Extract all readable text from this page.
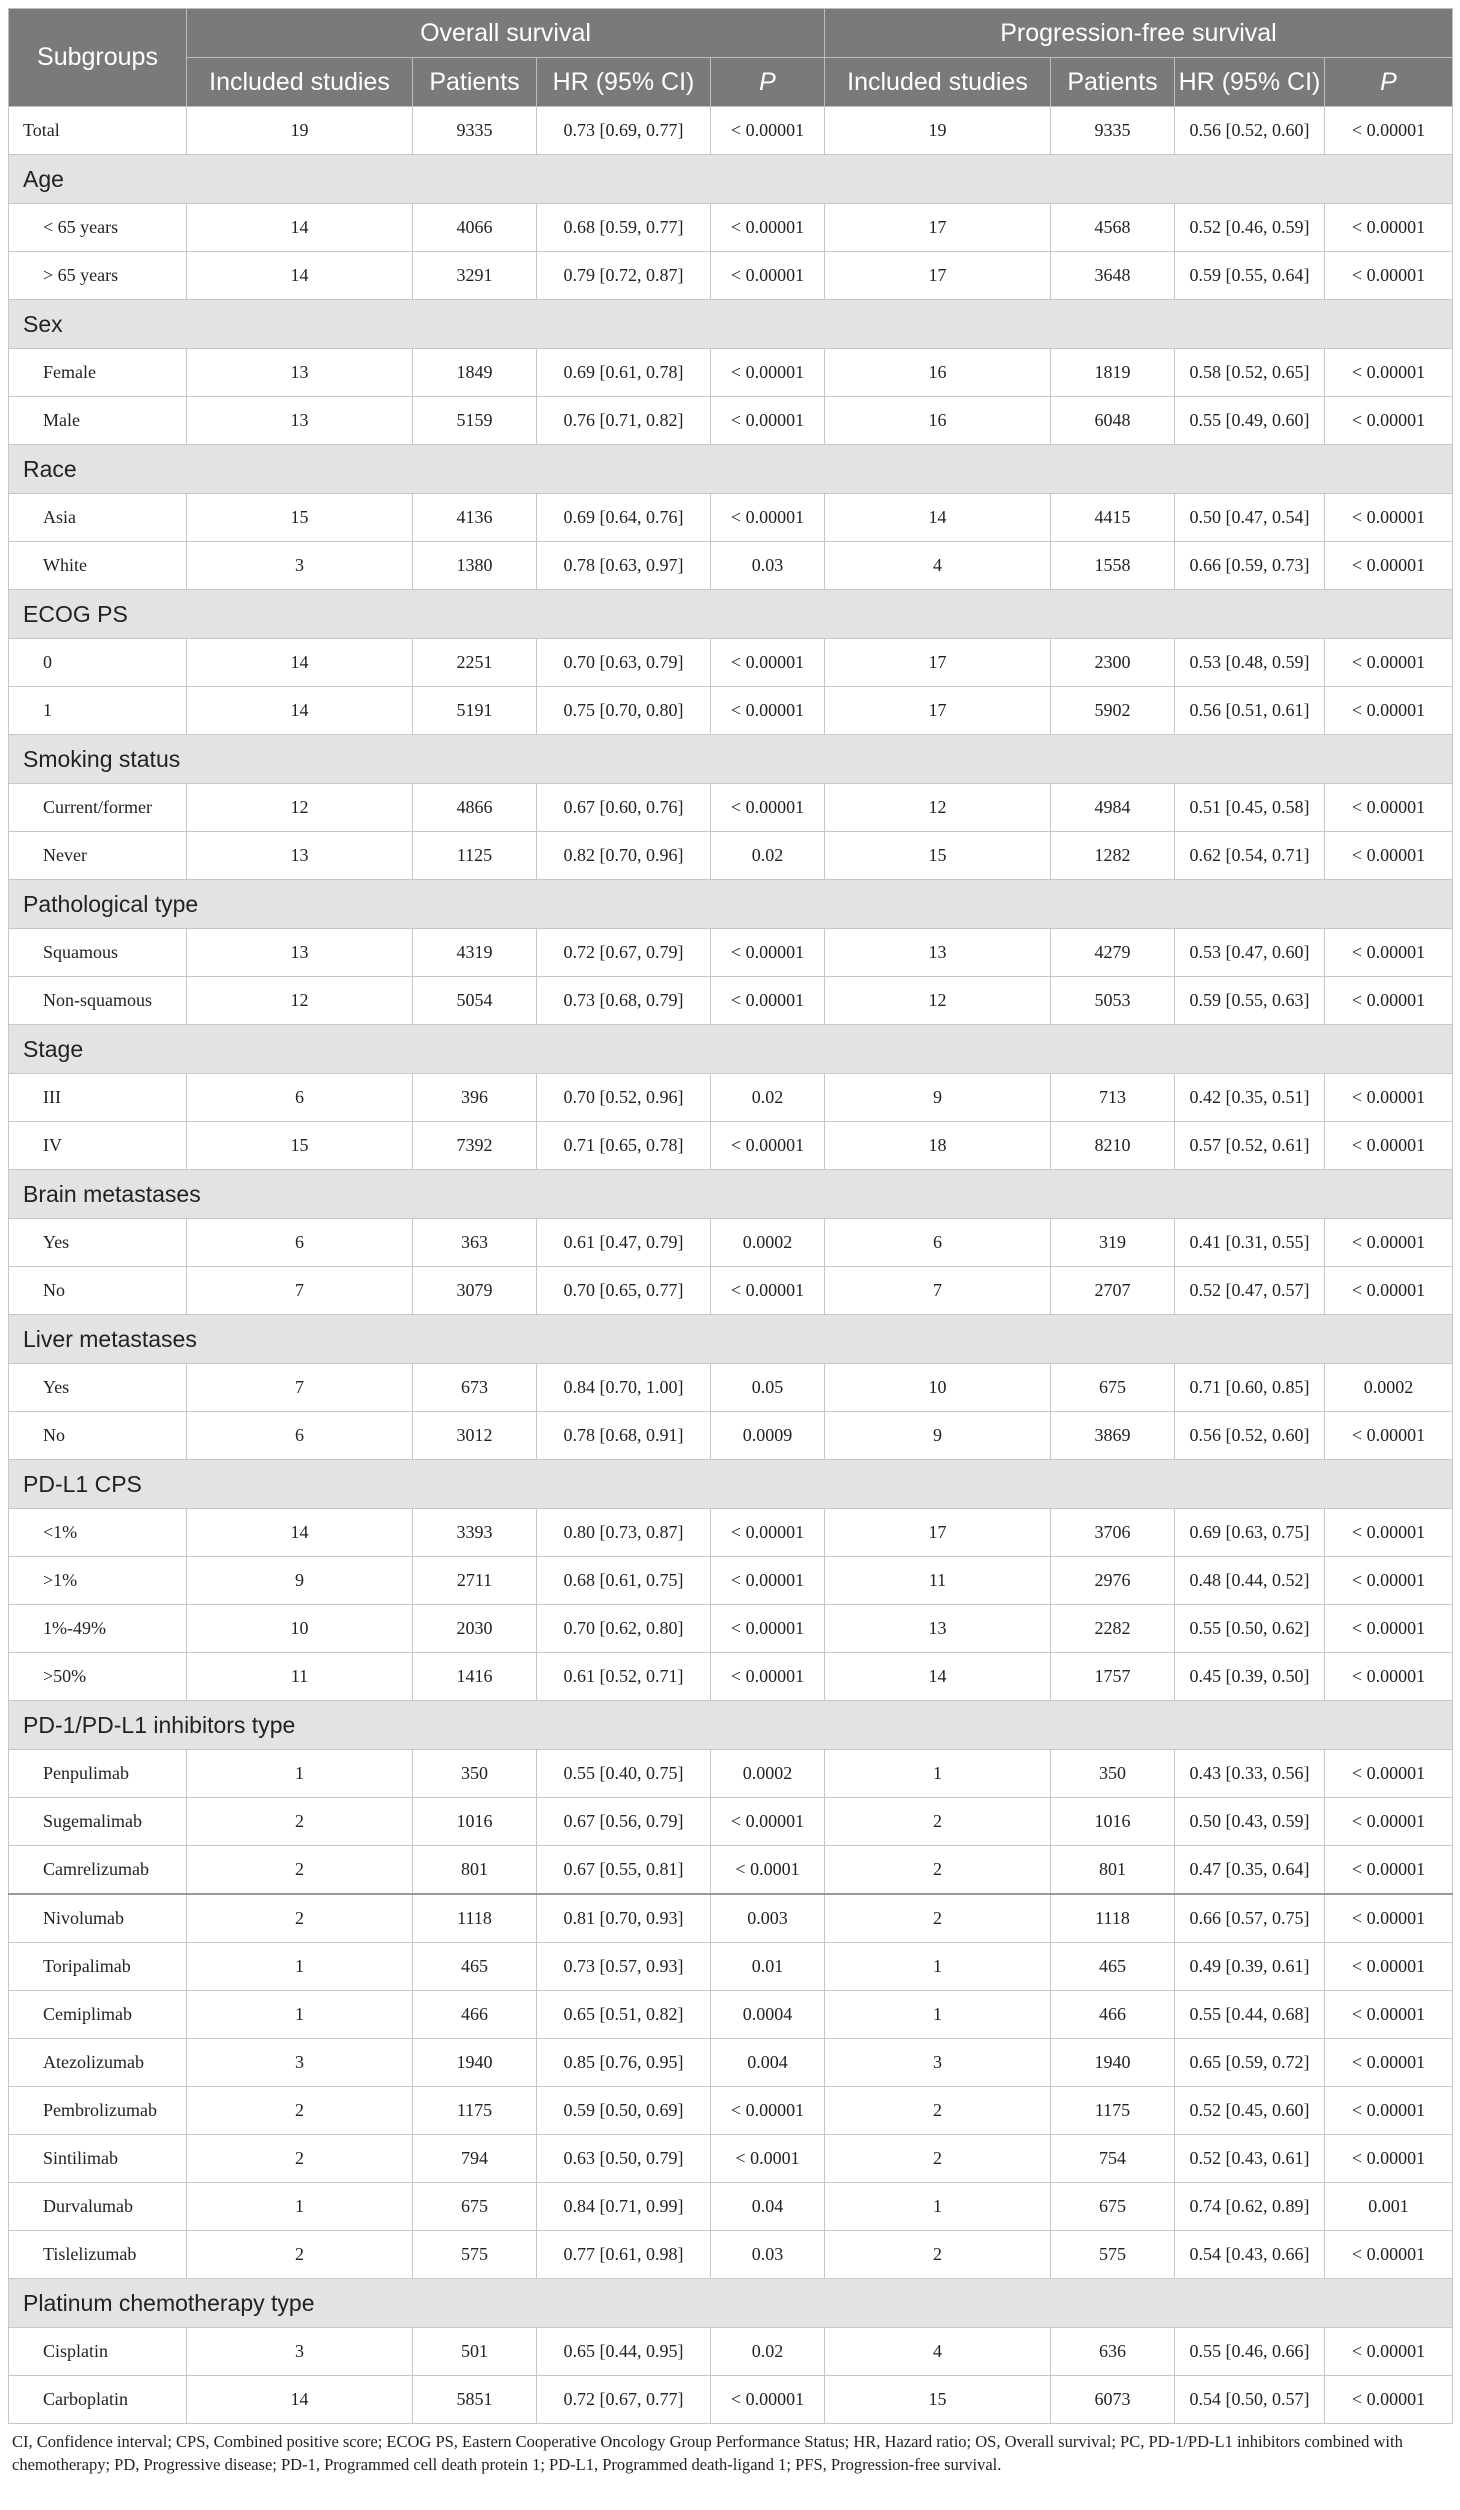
Subgroups	Overall survival				Progression-free survival			
	Included studies	Patients	HR (95% CI)	P	Included studies	Patients	HR (95% CI)	P
Total	19	9335	0.73 [0.69, 0.77]	< 0.00001	19	9335	0.56 [0.52, 0.60]	< 0.00001
Age								
< 65 years	14	4066	0.68 [0.59, 0.77]	< 0.00001	17	4568	0.52 [0.46, 0.59]	< 0.00001
> 65 years	14	3291	0.79 [0.72, 0.87]	< 0.00001	17	3648	0.59 [0.55, 0.64]	< 0.00001
Sex								
Female	13	1849	0.69 [0.61, 0.78]	< 0.00001	16	1819	0.58 [0.52, 0.65]	< 0.00001
Male	13	5159	0.76 [0.71, 0.82]	< 0.00001	16	6048	0.55 [0.49, 0.60]	< 0.00001
Race								
Asia	15	4136	0.69 [0.64, 0.76]	< 0.00001	14	4415	0.50 [0.47, 0.54]	< 0.00001
White	3	1380	0.78 [0.63, 0.97]	0.03	4	1558	0.66 [0.59, 0.73]	< 0.00001
ECOG PS								
0	14	2251	0.70 [0.63, 0.79]	< 0.00001	17	2300	0.53 [0.48, 0.59]	< 0.00001
1	14	5191	0.75 [0.70, 0.80]	< 0.00001	17	5902	0.56 [0.51, 0.61]	< 0.00001
Smoking status								
Current/former	12	4866	0.67 [0.60, 0.76]	< 0.00001	12	4984	0.51 [0.45, 0.58]	< 0.00001
Never	13	1125	0.82 [0.70, 0.96]	0.02	15	1282	0.62 [0.54, 0.71]	< 0.00001
Pathological type								
Squamous	13	4319	0.72 [0.67, 0.79]	< 0.00001	13	4279	0.53 [0.47, 0.60]	< 0.00001
Non-squamous	12	5054	0.73 [0.68, 0.79]	< 0.00001	12	5053	0.59 [0.55, 0.63]	< 0.00001
Stage								
III	6	396	0.70 [0.52, 0.96]	0.02	9	713	0.42 [0.35, 0.51]	< 0.00001
IV	15	7392	0.71 [0.65, 0.78]	< 0.00001	18	8210	0.57 [0.52, 0.61]	< 0.00001
Brain metastases								
Yes	6	363	0.61 [0.47, 0.79]	0.0002	6	319	0.41 [0.31, 0.55]	< 0.00001
No	7	3079	0.70 [0.65, 0.77]	< 0.00001	7	2707	0.52 [0.47, 0.57]	< 0.00001
Liver metastases								
Yes	7	673	0.84 [0.70, 1.00]	0.05	10	675	0.71 [0.60, 0.85]	0.0002
No	6	3012	0.78 [0.68, 0.91]	0.0009	9	3869	0.56 [0.52, 0.60]	< 0.00001
PD-L1 CPS								
<1%	14	3393	0.80 [0.73, 0.87]	< 0.00001	17	3706	0.69 [0.63, 0.75]	< 0.00001
>1%	9	2711	0.68 [0.61, 0.75]	< 0.00001	11	2976	0.48 [0.44, 0.52]	< 0.00001
1%-49%	10	2030	0.70 [0.62, 0.80]	< 0.00001	13	2282	0.55 [0.50, 0.62]	< 0.00001
>50%	11	1416	0.61 [0.52, 0.71]	< 0.00001	14	1757	0.45 [0.39, 0.50]	< 0.00001
PD-1/PD-L1 inhibitors type								
Penpulimab	1	350	0.55 [0.40, 0.75]	0.0002	1	350	0.43 [0.33, 0.56]	< 0.00001
Sugemalimab	2	1016	0.67 [0.56, 0.79]	< 0.00001	2	1016	0.50 [0.43, 0.59]	< 0.00001
Camrelizumab	2	801	0.67 [0.55, 0.81]	< 0.0001	2	801	0.47 [0.35, 0.64]	< 0.00001
Nivolumab	2	1118	0.81 [0.70, 0.93]	0.003	2	1118	0.66 [0.57, 0.75]	< 0.00001
Toripalimab	1	465	0.73 [0.57, 0.93]	0.01	1	465	0.49 [0.39, 0.61]	< 0.00001
Cemiplimab	1	466	0.65 [0.51, 0.82]	0.0004	1	466	0.55 [0.44, 0.68]	< 0.00001
Atezolizumab	3	1940	0.85 [0.76, 0.95]	0.004	3	1940	0.65 [0.59, 0.72]	< 0.00001
Pembrolizumab	2	1175	0.59 [0.50, 0.69]	< 0.00001	2	1175	0.52 [0.45, 0.60]	< 0.00001
Sintilimab	2	794	0.63 [0.50, 0.79]	< 0.0001	2	754	0.52 [0.43, 0.61]	< 0.00001
Durvalumab	1	675	0.84 [0.71, 0.99]	0.04	1	675	0.74 [0.62, 0.89]	0.001
Tislelizumab	2	575	0.77 [0.61, 0.98]	0.03	2	575	0.54 [0.43, 0.66]	< 0.00001
Platinum chemotherapy type								
Cisplatin	3	501	0.65 [0.44, 0.95]	0.02	4	636	0.55 [0.46, 0.66]	< 0.00001
Carboplatin	14	5851	0.72 [0.67, 0.77]	< 0.00001	15	6073	0.54 [0.50, 0.57]	< 0.00001
CI, Confidence interval; CPS, Combined positive score; ECOG PS, Eastern Cooperative Oncology Group Performance Status; HR, Hazard ratio; OS, Overall survival; PC, PD-1/PD-L1 inhibitors combined with chemotherapy; PD, Progressive disease; PD-1, Programmed cell death protein 1; PD-L1, Programmed death-ligand 1; PFS, Progression-free survival.
